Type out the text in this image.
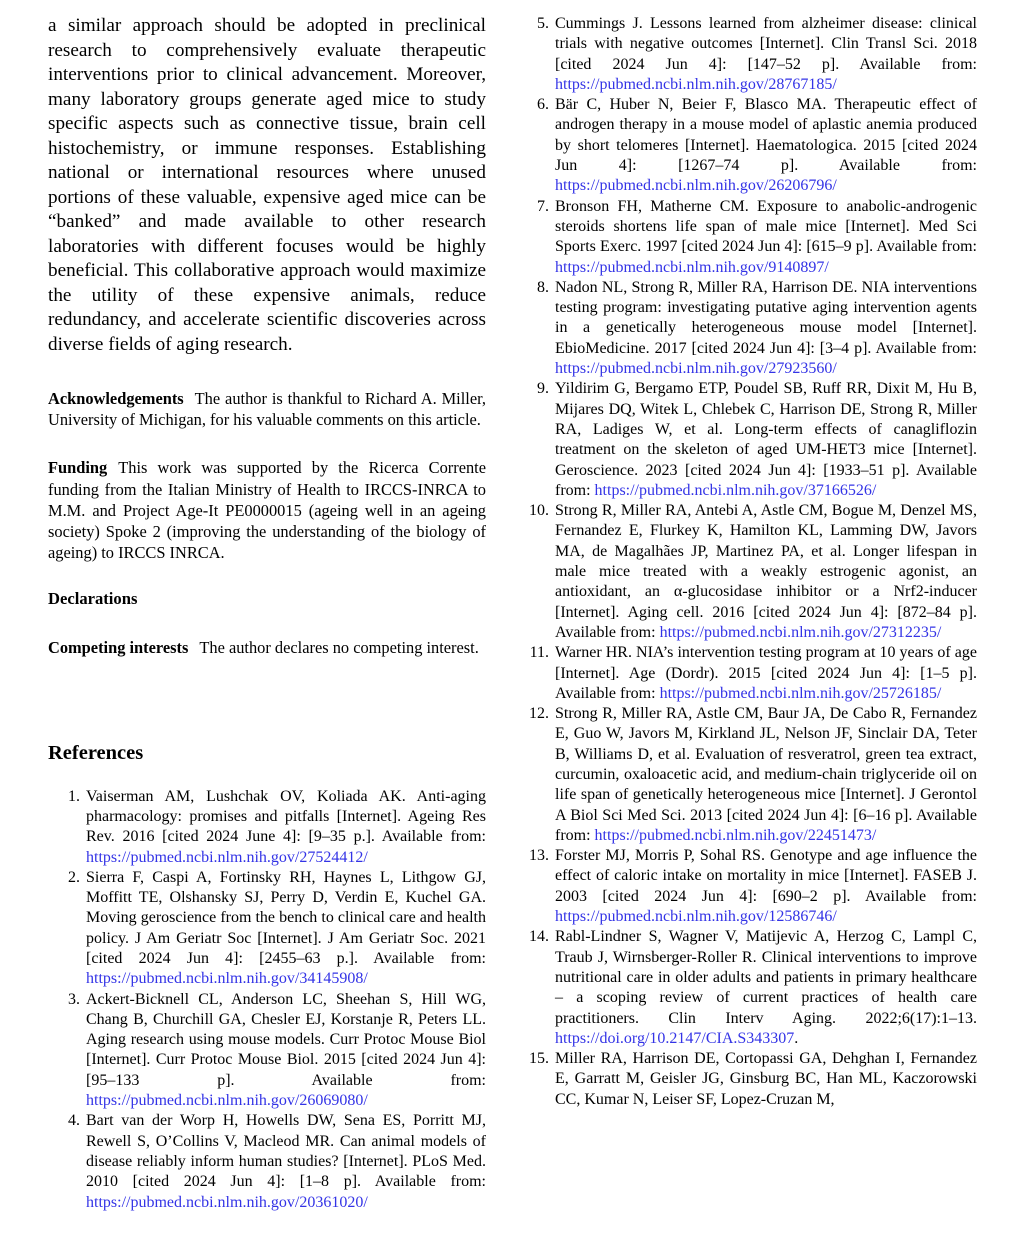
a similar approach should be adopted in preclinical research to comprehensively evaluate therapeutic interventions prior to clinical advancement. Moreover, many laboratory groups generate aged mice to study specific aspects such as connective tissue, brain cell histochemistry, or immune responses. Establishing national or international resources where unused portions of these valuable, expensive aged mice can be “banked” and made available to other research laboratories with different focuses would be highly beneficial. This collaborative approach would maximize the utility of these expensive animals, reduce redundancy, and accelerate scientific discoveries across diverse fields of aging research.

Acknowledgements The author is thankful to Richard A. Miller, University of Michigan, for his valuable comments on this article.

Funding This work was supported by the Ricerca Corrente funding from the Italian Ministry of Health to IRCCS-INRCA to M.M. and Project Age-It PE0000015 (ageing well in an ageing society) Spoke 2 (improving the understanding of the biology of ageing) to IRCCS INRCA.

Declarations

Competing interests The author declares no competing interest.

References
1. Vaiserman AM, Lushchak OV, Koliada AK. Anti-aging pharmacology: promises and pitfalls [Internet]. Ageing Res Rev. 2016 [cited 2024 June 4]: [9–35 p.]. Available from: https://pubmed.ncbi.nlm.nih.gov/27524412/
2. Sierra F, Caspi A, Fortinsky RH, Haynes L, Lithgow GJ, Moffitt TE, Olshansky SJ, Perry D, Verdin E, Kuchel GA. Moving geroscience from the bench to clinical care and health policy. J Am Geriatr Soc [Internet]. J Am Geriatr Soc. 2021 [cited 2024 Jun 4]: [2455–63 p.]. Available from: https://pubmed.ncbi.nlm.nih.gov/34145908/
3. Ackert-Bicknell CL, Anderson LC, Sheehan S, Hill WG, Chang B, Churchill GA, Chesler EJ, Korstanje R, Peters LL. Aging research using mouse models. Curr Protoc Mouse Biol [Internet]. Curr Protoc Mouse Biol. 2015 [cited 2024 Jun 4]: [95–133 p]. Available from: https://pubmed.ncbi.nlm.nih.gov/26069080/
4. Bart van der Worp H, Howells DW, Sena ES, Porritt MJ, Rewell S, O’Collins V, Macleod MR. Can animal models of disease reliably inform human studies? [Internet]. PLoS Med. 2010 [cited 2024 Jun 4]: [1–8 p]. Available from: https://pubmed.ncbi.nlm.nih.gov/20361020/
5. Cummings J. Lessons learned from alzheimer disease: clinical trials with negative outcomes [Internet]. Clin Transl Sci. 2018 [cited 2024 Jun 4]: [147–52 p]. Available from: https://pubmed.ncbi.nlm.nih.gov/28767185/
6. Bär C, Huber N, Beier F, Blasco MA. Therapeutic effect of androgen therapy in a mouse model of aplastic anemia produced by short telomeres [Internet]. Haematologica. 2015 [cited 2024 Jun 4]: [1267–74 p]. Available from: https://pubmed.ncbi.nlm.nih.gov/26206796/
7. Bronson FH, Matherne CM. Exposure to anabolic-androgenic steroids shortens life span of male mice [Internet]. Med Sci Sports Exerc. 1997 [cited 2024 Jun 4]: [615–9 p]. Available from: https://pubmed.ncbi.nlm.nih.gov/9140897/
8. Nadon NL, Strong R, Miller RA, Harrison DE. NIA interventions testing program: investigating putative aging intervention agents in a genetically heterogeneous mouse model [Internet]. EbioMedicine. 2017 [cited 2024 Jun 4]: [3–4 p]. Available from: https://pubmed.ncbi.nlm.nih.gov/27923560/
9. Yildirim G, Bergamo ETP, Poudel SB, Ruff RR, Dixit M, Hu B, Mijares DQ, Witek L, Chlebek C, Harrison DE, Strong R, Miller RA, Ladiges W, et al. Long-term effects of canagliflozin treatment on the skeleton of aged UM-HET3 mice [Internet]. Geroscience. 2023 [cited 2024 Jun 4]: [1933–51 p]. Available from: https://pubmed.ncbi.nlm.nih.gov/37166526/
10. Strong R, Miller RA, Antebi A, Astle CM, Bogue M, Denzel MS, Fernandez E, Flurkey K, Hamilton KL, Lamming DW, Javors MA, de Magalhães JP, Martinez PA, et al. Longer lifespan in male mice treated with a weakly estrogenic agonist, an antioxidant, an α-glucosidase inhibitor or a Nrf2-inducer [Internet]. Aging cell. 2016 [cited 2024 Jun 4]: [872–84 p]. Available from: https://pubmed.ncbi.nlm.nih.gov/27312235/
11. Warner HR. NIA’s intervention testing program at 10 years of age [Internet]. Age (Dordr). 2015 [cited 2024 Jun 4]: [1–5 p]. Available from: https://pubmed.ncbi.nlm.nih.gov/25726185/
12. Strong R, Miller RA, Astle CM, Baur JA, De Cabo R, Fernandez E, Guo W, Javors M, Kirkland JL, Nelson JF, Sinclair DA, Teter B, Williams D, et al. Evaluation of resveratrol, green tea extract, curcumin, oxaloacetic acid, and medium-chain triglyceride oil on life span of genetically heterogeneous mice [Internet]. J Gerontol A Biol Sci Med Sci. 2013 [cited 2024 Jun 4]: [6–16 p]. Available from: https://pubmed.ncbi.nlm.nih.gov/22451473/
13. Forster MJ, Morris P, Sohal RS. Genotype and age influence the effect of caloric intake on mortality in mice [Internet]. FASEB J. 2003 [cited 2024 Jun 4]: [690–2 p]. Available from: https://pubmed.ncbi.nlm.nih.gov/12586746/
14. Rabl-Lindner S, Wagner V, Matijevic A, Herzog C, Lampl C, Traub J, Wirnsberger-Roller R. Clinical interventions to improve nutritional care in older adults and patients in primary healthcare – a scoping review of current practices of health care practitioners. Clin Interv Aging. 2022;6(17):1–13. https://doi.org/10.2147/CIA.S343307.
15. Miller RA, Harrison DE, Cortopassi GA, Dehghan I, Fernandez E, Garratt M, Geisler JG, Ginsburg BC, Han ML, Kaczorowski CC, Kumar N, Leiser SF, Lopez-Cruzan M,
